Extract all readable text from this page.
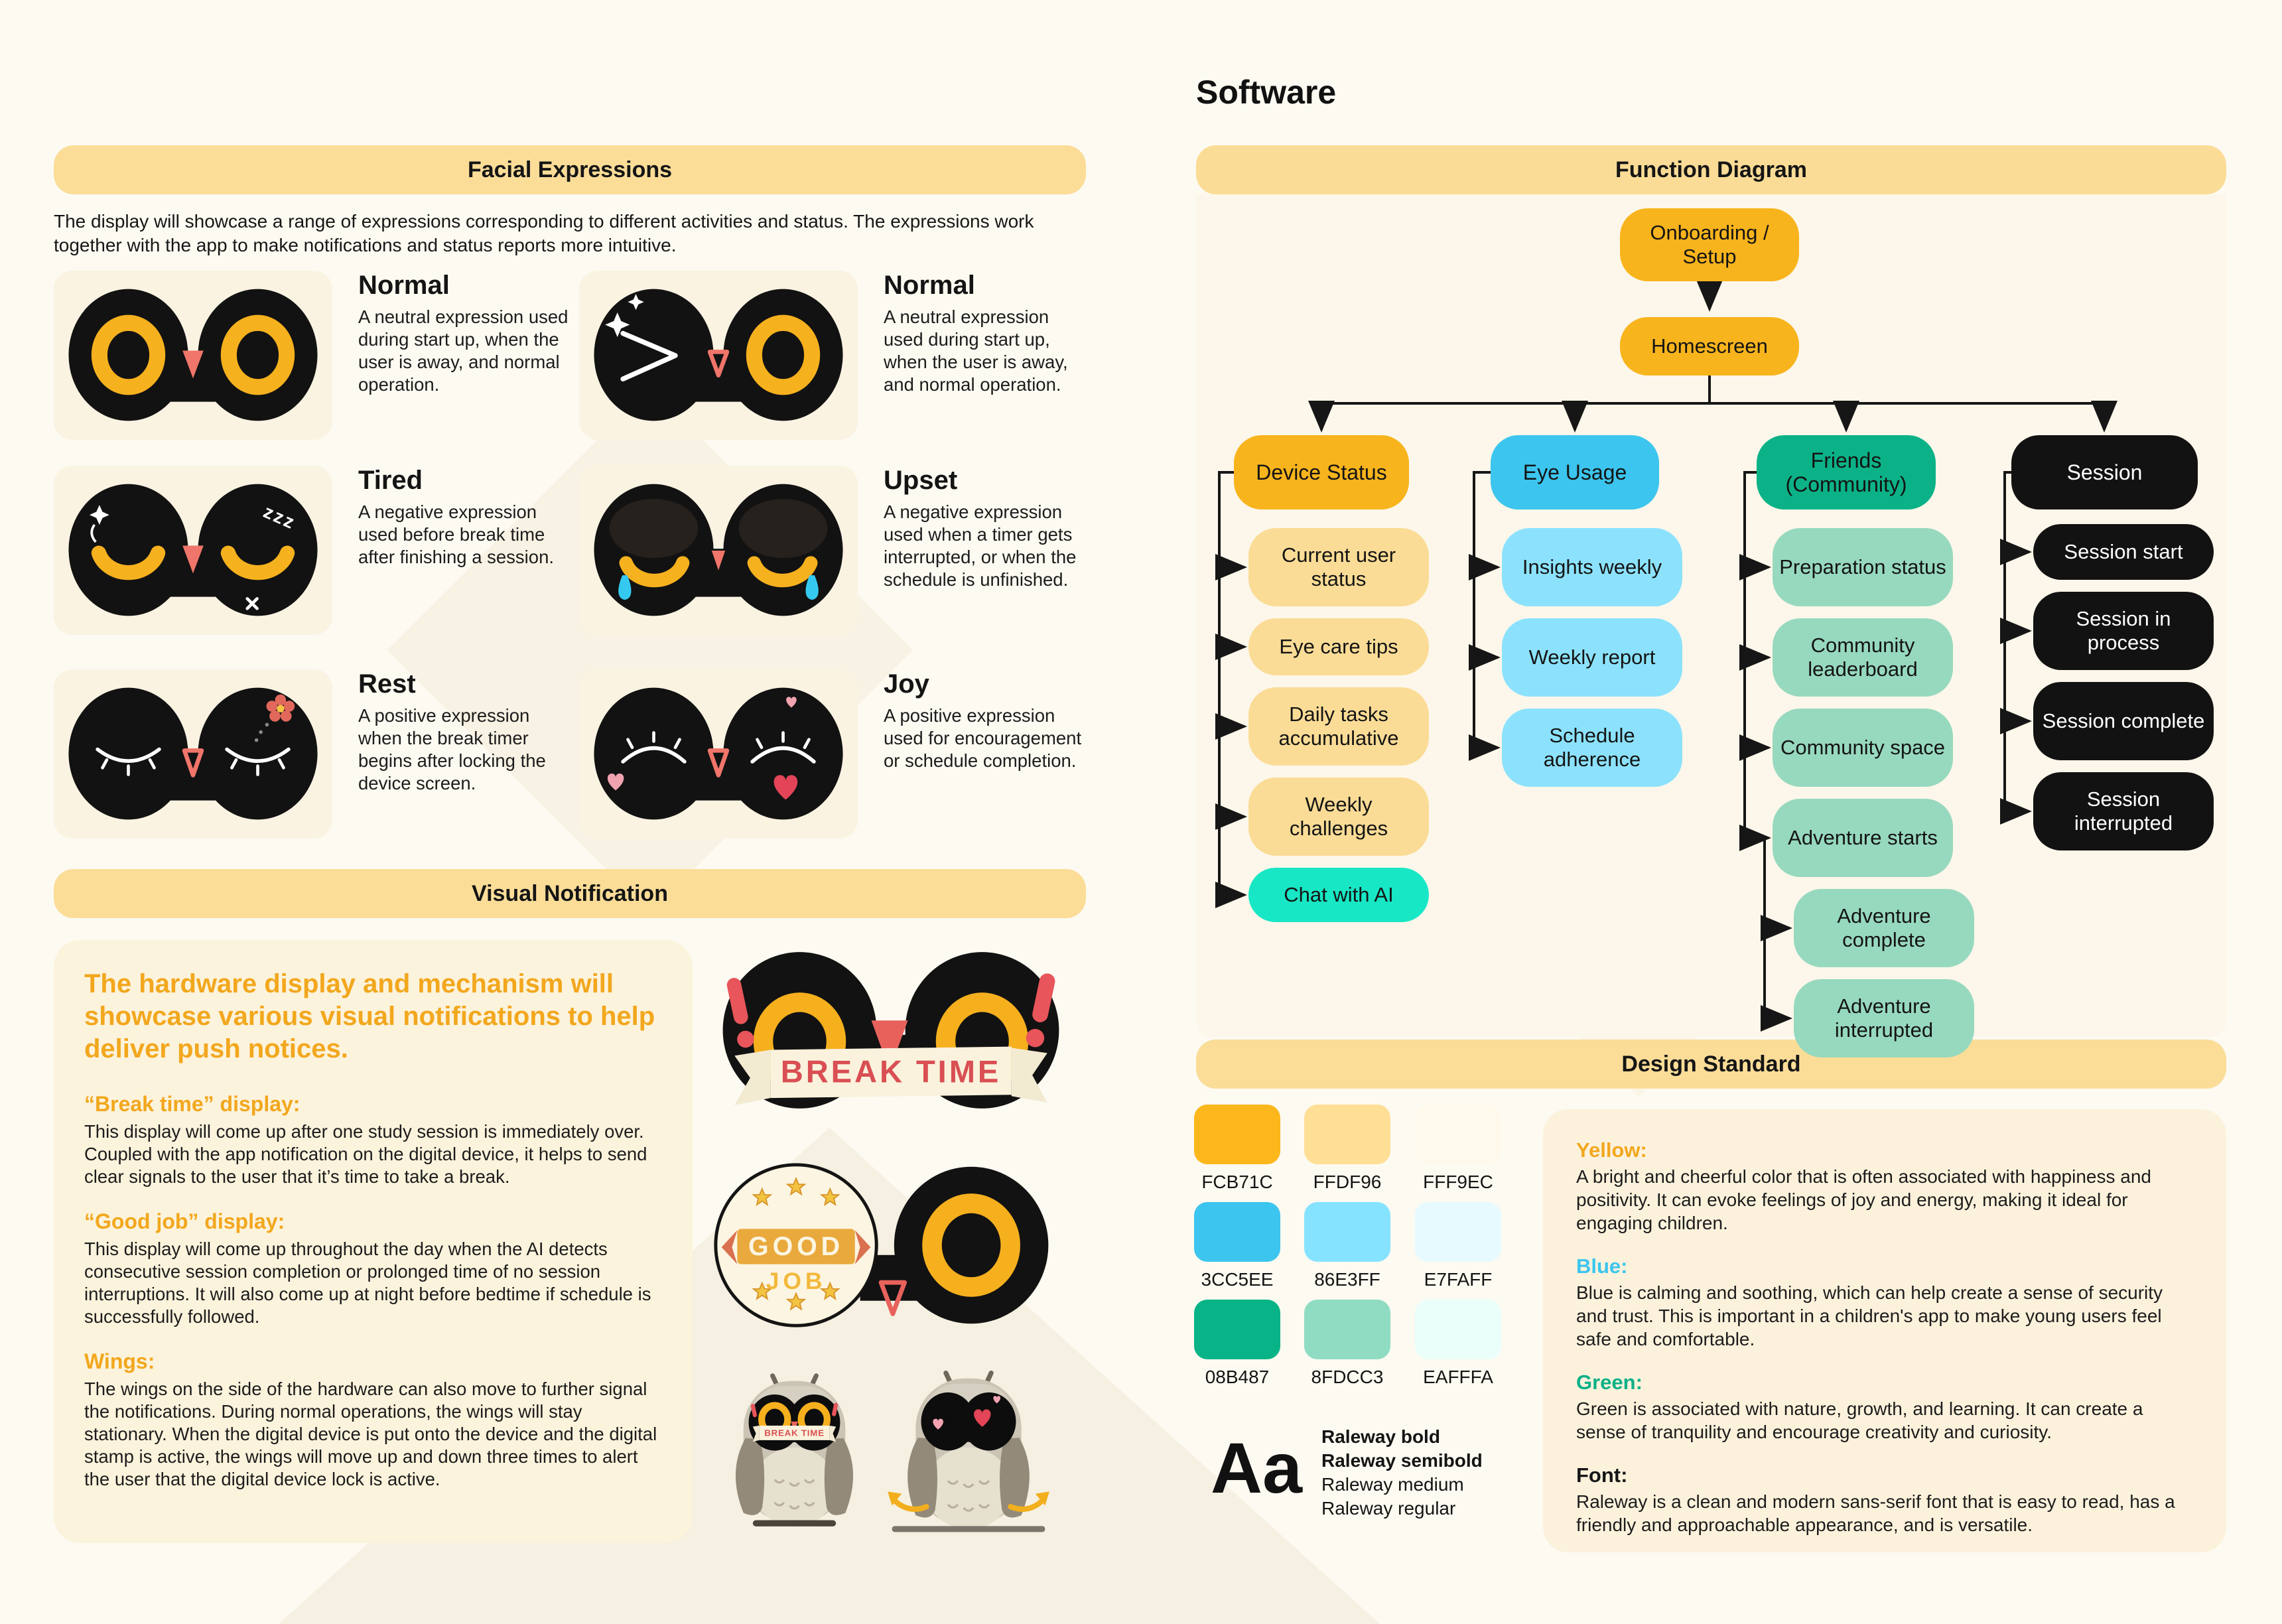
Facial Expressions
The display will showcase a range of expressions corresponding to different activities and status. The expressions work together with the app to make notifications and status reports more intuitive.
Normal

A neutral expression used during start up, when the user is away, and normal operation.

Normal

A neutral expression used during start up, when the user is away, and normal operation.

zzz
Tired

A negative expression used before break time after finishing a session.

Upset

A negative expression used when a timer gets interrupted, or when the schedule is unfinished.

Rest

A positive expression when the break timer begins after locking the device screen.

Joy

A positive expression used for encouragement or schedule completion.

Visual Notification

The hardware display and mechanism will showcase various visual notifications to help deliver push notices.

“Break time” display:

This display will come up after one study session is immediately over. Coupled with the app notification on the digital device, it helps to send clear signals to the user that it’s time to take a break.

“Good job” display:

This display will come up throughout the day when the AI detects consecutive session completion or prolonged time of no session interruptions. It will also come up at night before bedtime if schedule is successfully followed.

Wings:

The wings on the side of the hardware can also move to further signal the notifications. During normal operations, the wings will stay stationary. When the digital device is put onto the device and the digital stamp is active, the wings will move up and down three times to alert the user that the digital device lock is active.

BREAK TIME
GOOD
JOB
BREAK TIME
Software
Function Diagram
Onboarding / Setup
Homescreen
Device Status	Eye Usage	Friends (Community)	Session
Current user status
Eye care tips
Daily tasks accumulative
Weekly challenges
Chat with AI
Insights weekly
Weekly report
Schedule adherence
Preparation status
Community leaderboard
Community space
Adventure starts
Adventure complete
Adventure interrupted
Session start
Session in process
Session complete
Session interrupted
Design Standard
FCB71C	FFDF96	FFF9EC
3CC5EE	86E3FF	E7FAFF
08B487	8FDCC3	EAFFFA
Aa Raleway bold
Raleway semibold
Raleway medium
Raleway regular
Yellow:

A bright and cheerful color that is often associated with happiness and positivity. It can evoke feelings of joy and energy, making it ideal for engaging children.

Blue:

Blue is calming and soothing, which can help create a sense of security and trust. This is important in a children's app to make young users feel safe and comfortable.

Green:

Green is associated with nature, growth, and learning. It can create a sense of tranquility and encourage creativity and curiosity.

Font:

Raleway is a clean and modern sans-serif font that is easy to read, has a friendly and approachable appearance, and is versatile.
